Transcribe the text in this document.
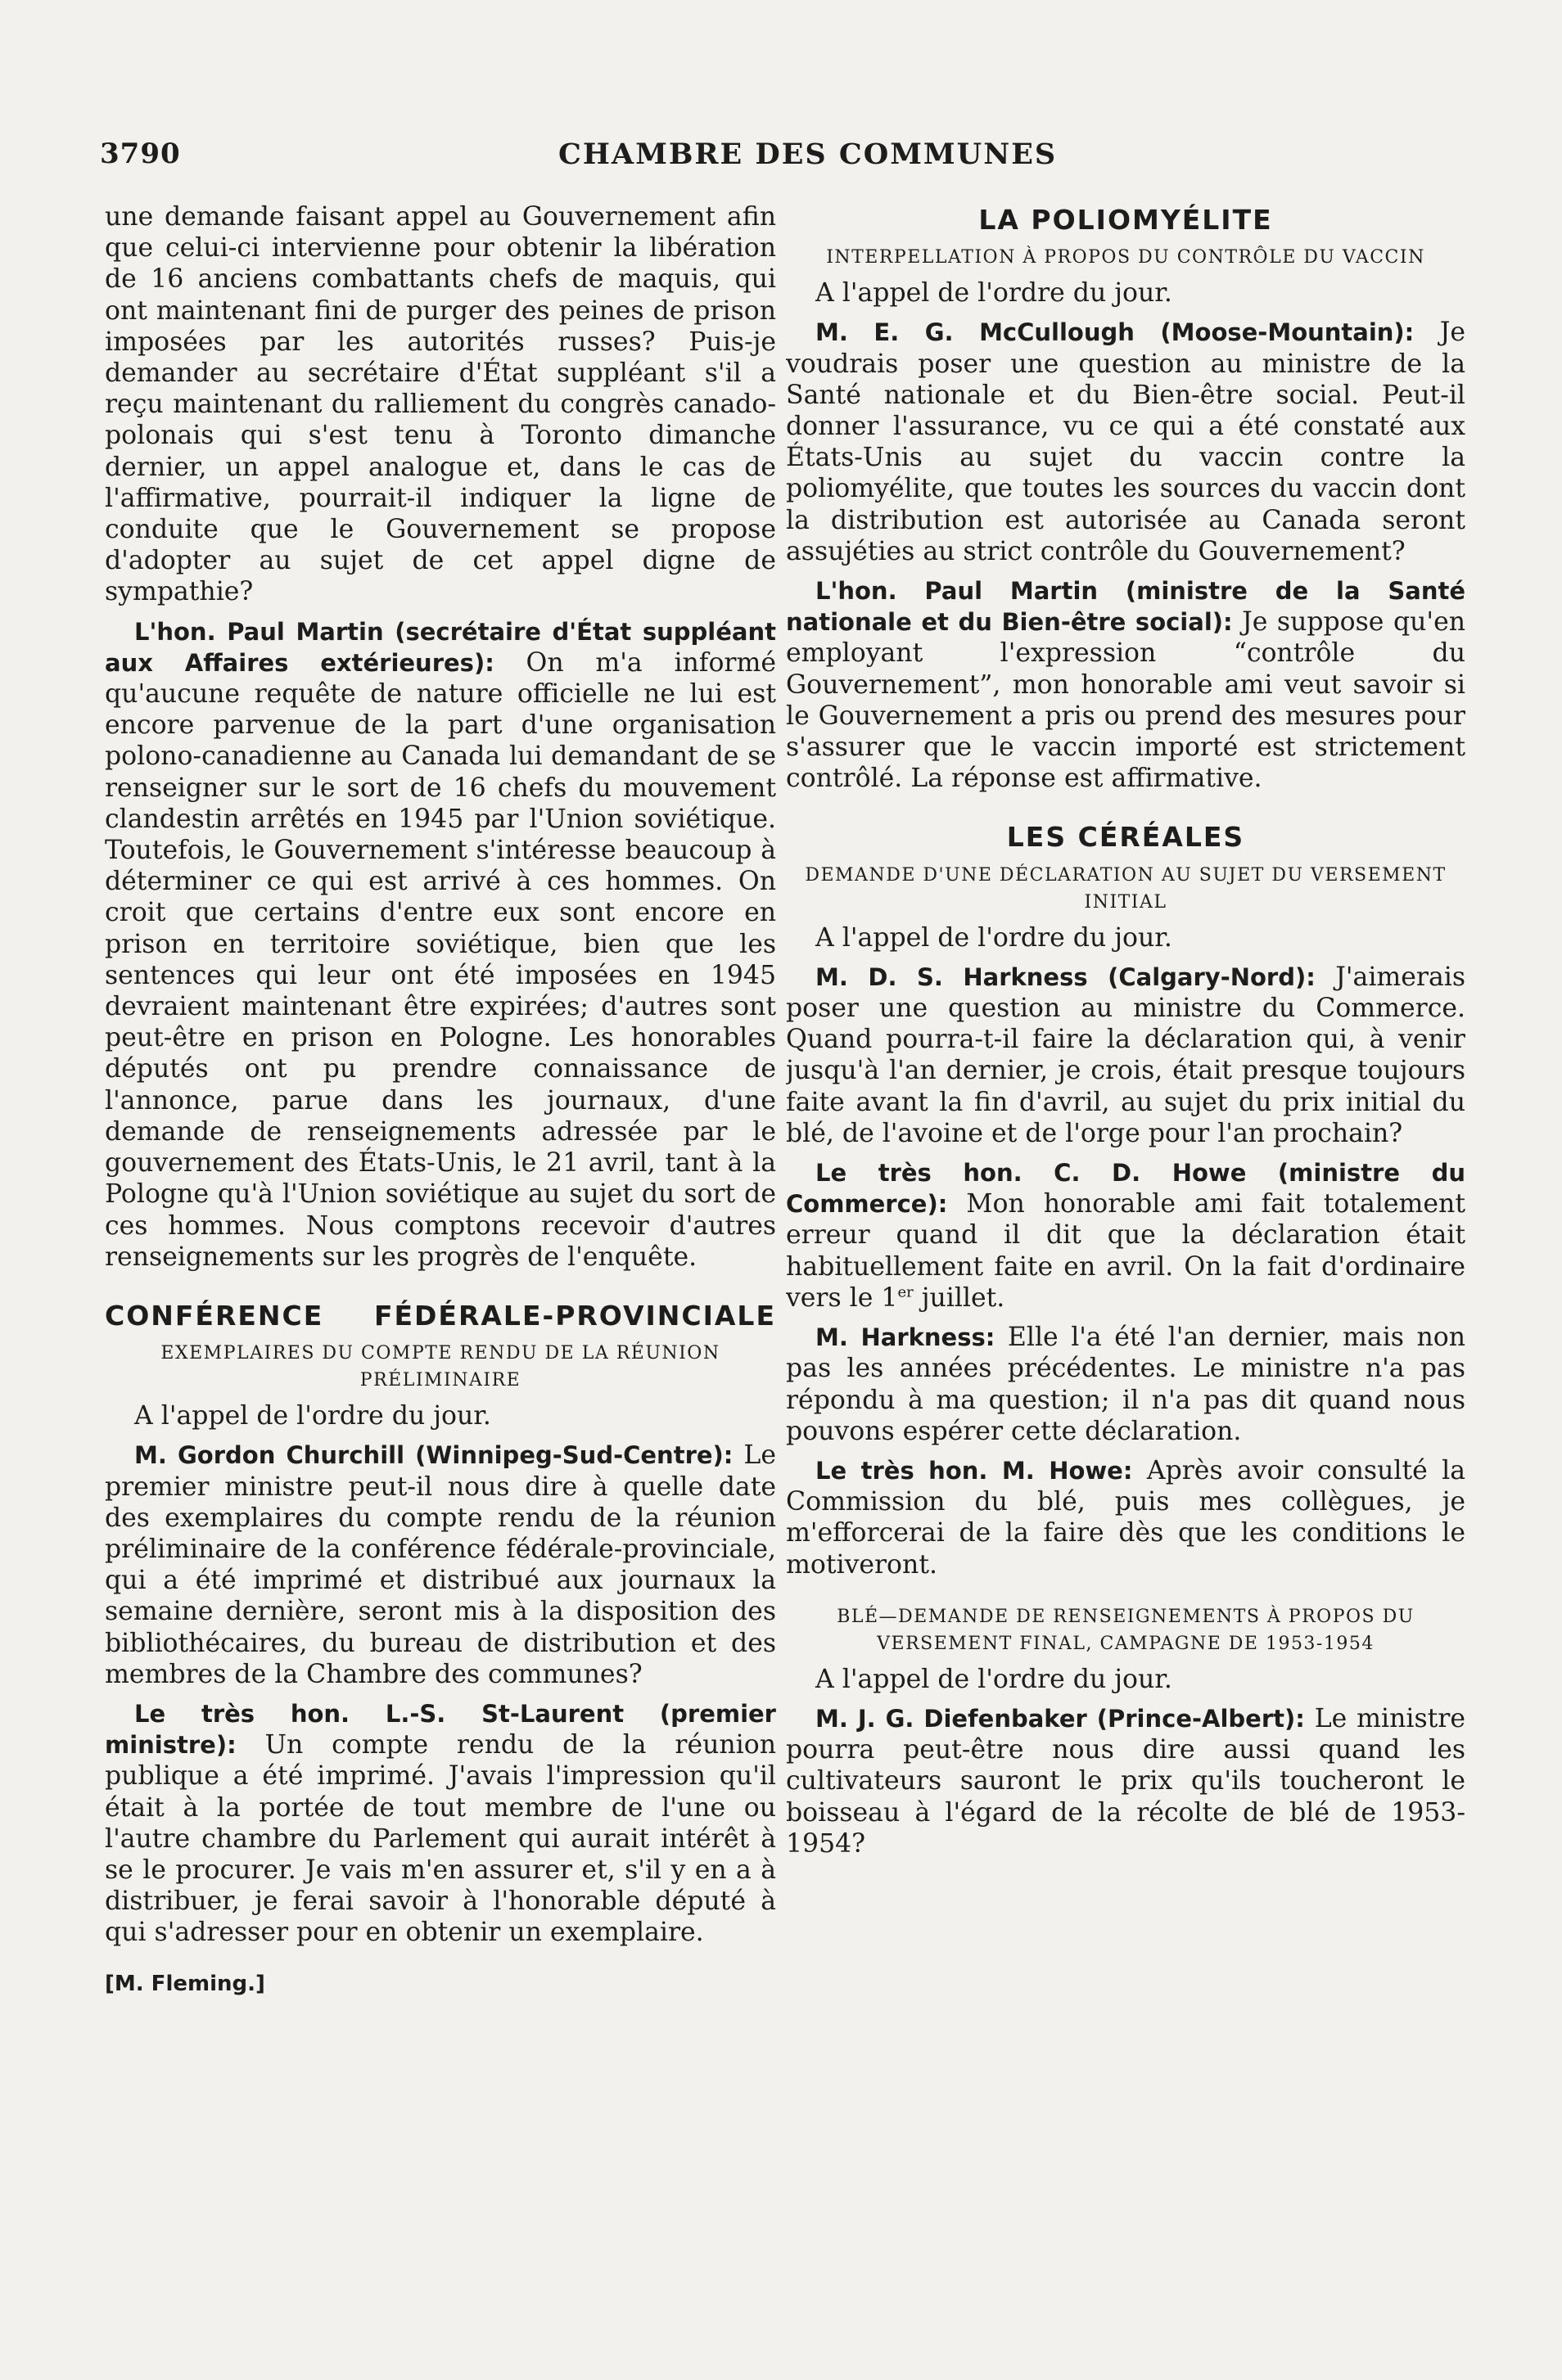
3790	CHAMBRE DES COMMUNES

une demande faisant appel au Gouvernement afin que celui-ci intervienne pour obtenir la libération de 16 anciens combattants chefs de maquis, qui ont maintenant fini de purger des peines de prison imposées par les autorités russes? Puis-je demander au secrétaire d'État suppléant s'il a reçu maintenant du ralliement du congrès canado-polonais qui s'est tenu à Toronto dimanche dernier, un appel analogue et, dans le cas de l'affirmative, pourrait-il indiquer la ligne de conduite que le Gouvernement se propose d'adopter au sujet de cet appel digne de sympathie?

L'hon. Paul Martin (secrétaire d'État suppléant aux Affaires extérieures): On m'a informé qu'aucune requête de nature officielle ne lui est encore parvenue de la part d'une organisation polono-canadienne au Canada lui demandant de se renseigner sur le sort de 16 chefs du mouvement clandestin arrêtés en 1945 par l'Union soviétique. Toutefois, le Gouvernement s'intéresse beaucoup à déterminer ce qui est arrivé à ces hommes. On croit que certains d'entre eux sont encore en prison en territoire soviétique, bien que les sentences qui leur ont été imposées en 1945 devraient maintenant être expirées; d'autres sont peut-être en prison en Pologne. Les honorables députés ont pu prendre connaissance de l'annonce, parue dans les journaux, d'une demande de renseignements adressée par le gouvernement des États-Unis, le 21 avril, tant à la Pologne qu'à l'Union soviétique au sujet du sort de ces hommes. Nous comptons recevoir d'autres renseignements sur les progrès de l'enquête.

CONFÉRENCE FÉDÉRALE-PROVINCIALE
EXEMPLAIRES DU COMPTE RENDU DE LA RÉUNION PRÉLIMINAIRE

A l'appel de l'ordre du jour.

M. Gordon Churchill (Winnipeg-Sud-Centre): Le premier ministre peut-il nous dire à quelle date des exemplaires du compte rendu de la réunion préliminaire de la conférence fédérale-provinciale, qui a été imprimé et distribué aux journaux la semaine dernière, seront mis à la disposition des bibliothécaires, du bureau de distribution et des membres de la Chambre des communes?

Le très hon. L.-S. St-Laurent (premier ministre): Un compte rendu de la réunion publique a été imprimé. J'avais l'impression qu'il était à la portée de tout membre de l'une ou l'autre chambre du Parlement qui aurait intérêt à se le procurer. Je vais m'en assurer et, s'il y en a à distribuer, je ferai savoir à l'honorable député à qui s'adresser pour en obtenir un exemplaire.

[M. Fleming.]
LA POLIOMYÉLITE
INTERPELLATION À PROPOS DU CONTRÔLE DU VACCIN

A l'appel de l'ordre du jour.

M. E. G. McCullough (Moose-Mountain): Je voudrais poser une question au ministre de la Santé nationale et du Bien-être social. Peut-il donner l'assurance, vu ce qui a été constaté aux États-Unis au sujet du vaccin contre la poliomyélite, que toutes les sources du vaccin dont la distribution est autorisée au Canada seront assujéties au strict contrôle du Gouvernement?

L'hon. Paul Martin (ministre de la Santé nationale et du Bien-être social): Je suppose qu'en employant l'expression “contrôle du Gouvernement”, mon honorable ami veut savoir si le Gouvernement a pris ou prend des mesures pour s'assurer que le vaccin importé est strictement contrôlé. La réponse est affirmative.

LES CÉRÉALES
DEMANDE D'UNE DÉCLARATION AU SUJET DU VERSEMENT INITIAL

A l'appel de l'ordre du jour.

M. D. S. Harkness (Calgary-Nord): J'aimerais poser une question au ministre du Commerce. Quand pourra-t-il faire la déclaration qui, à venir jusqu'à l'an dernier, je crois, était presque toujours faite avant la fin d'avril, au sujet du prix initial du blé, de l'avoine et de l'orge pour l'an prochain?

Le très hon. C. D. Howe (ministre du Commerce): Mon honorable ami fait totalement erreur quand il dit que la déclaration était habituellement faite en avril. On la fait d'ordinaire vers le 1er juillet.

M. Harkness: Elle l'a été l'an dernier, mais non pas les années précédentes. Le ministre n'a pas répondu à ma question; il n'a pas dit quand nous pouvons espérer cette déclaration.

Le très hon. M. Howe: Après avoir consulté la Commission du blé, puis mes collègues, je m'efforcerai de la faire dès que les conditions le motiveront.

BLÉ—DEMANDE DE RENSEIGNEMENTS À PROPOS DU VERSEMENT FINAL, CAMPAGNE DE 1953-1954

A l'appel de l'ordre du jour.

M. J. G. Diefenbaker (Prince-Albert): Le ministre pourra peut-être nous dire aussi quand les cultivateurs sauront le prix qu'ils toucheront le boisseau à l'égard de la récolte de blé de 1953-1954?
